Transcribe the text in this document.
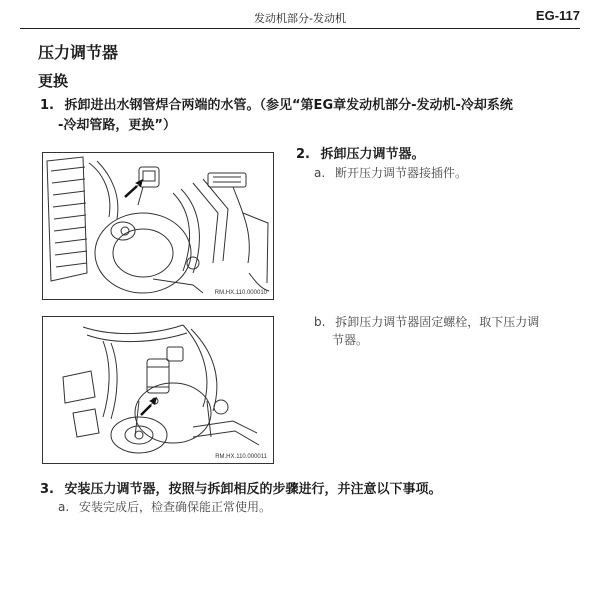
发动机部分-发动机	EG-117
压力调节器
更换
1. 拆卸进出水钢管焊合两端的水管。（参见“第EG章发动机部分-发动机-冷却系统
-冷却管路，更换”）
2. 拆卸压力调节器。
a. 断开压力调节器接插件。
b. 拆卸压力调节器固定螺栓，取下压力调
节器。
RM.HX.110.000010
RM.HX.110.000011
3. 安装压力调节器，按照与拆卸相反的步骤进行，并注意以下事项。
a. 安装完成后，检查确保能正常使用。
